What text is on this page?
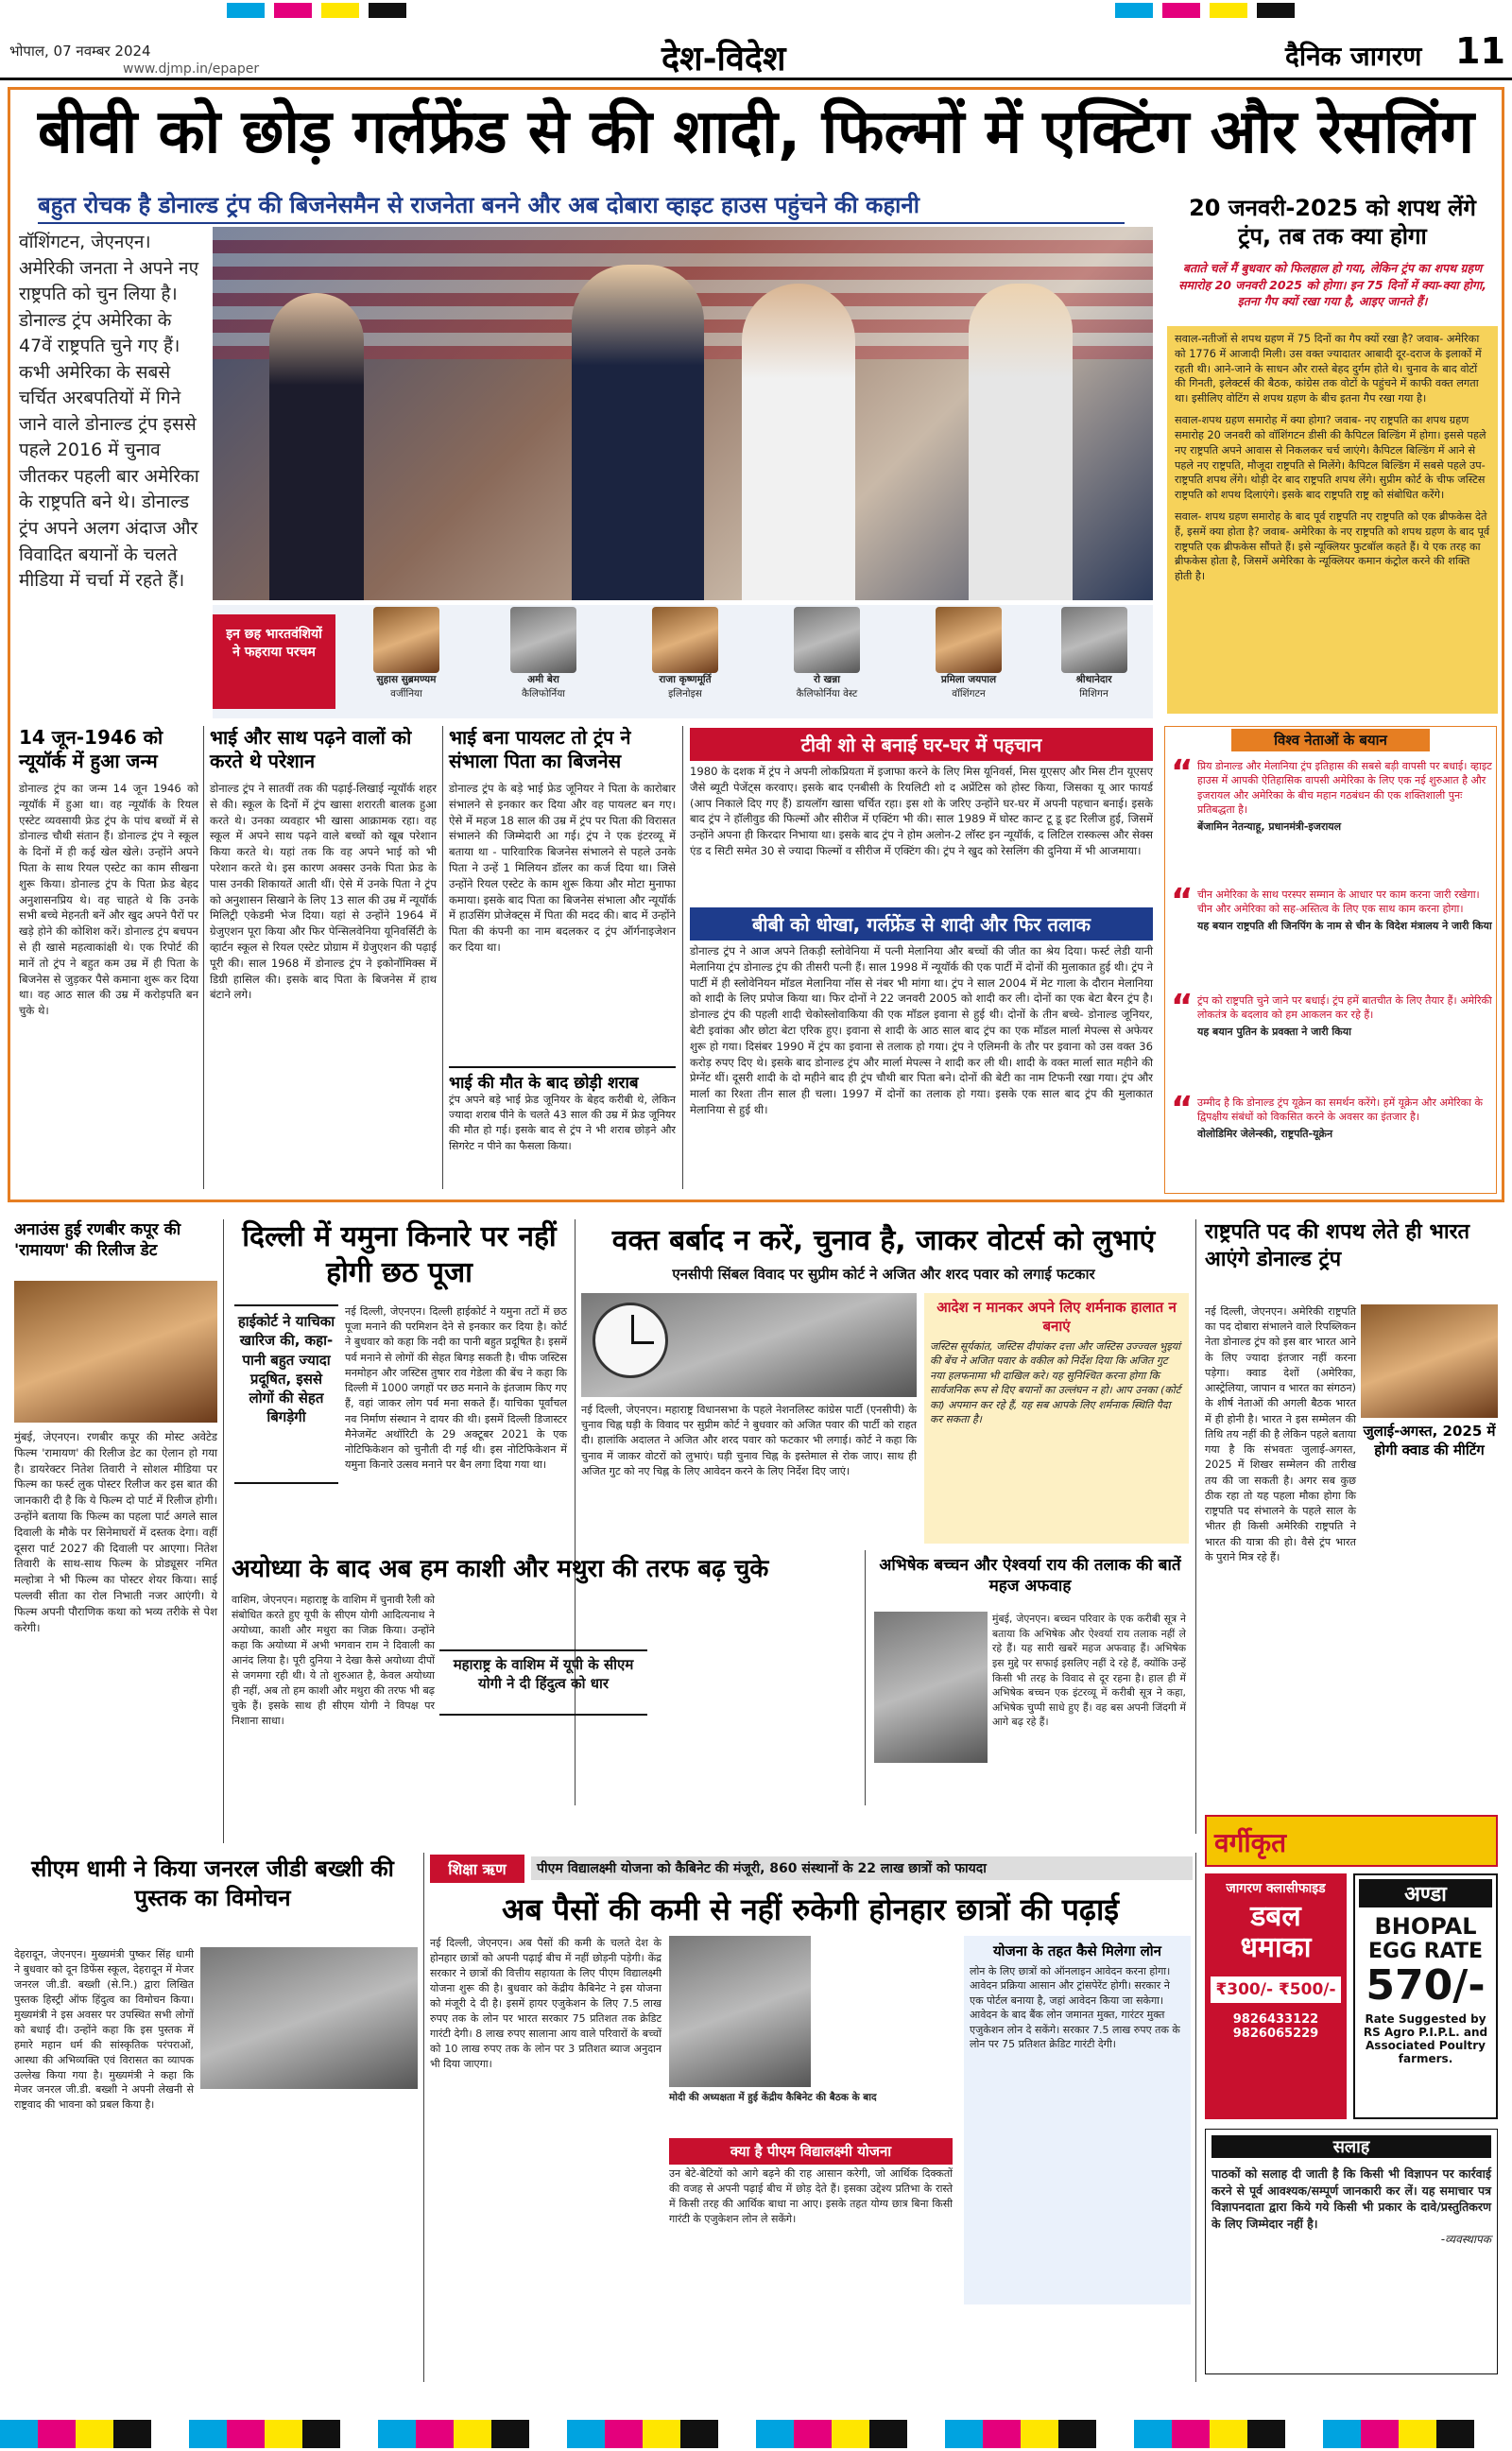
भोपाल, 07 नवम्बर 2024
www.djmp.in/epaper	देश-विदेश	दैनिक जागरण 11
बीवी को छोड़ गर्लफ्रेंड से की शादी, फिल्मों में एक्टिंग और रेसलिंग
बहुत रोचक है डोनाल्ड ट्रंप की बिजनेसमैन से राजनेता बनने और अब दोबारा व्हाइट हाउस पहुंचने की कहानी
वॉशिंगटन, जेएनएन। अमेरिकी जनता ने अपने नए राष्ट्रपति को चुन लिया है। डोनाल्ड ट्रंप अमेरिका के 47वें राष्ट्रपति चुने गए हैं। कभी अमेरिका के सबसे चर्चित अरबपतियों में गिने जाने वाले डोनाल्ड ट्रंप इससे पहले 2016 में चुनाव जीतकर पहली बार अमेरिका के राष्ट्रपति बने थे। डोनाल्ड ट्रंप अपने अलग अंदाज और विवादित बयानों के चलते मीडिया में चर्चा में रहते हैं।
इन छह भारतवंशियों ने फहराया परचम
सुहास सुब्रमण्यम
वर्जीनिया
अमी बेरा
कैलिफोर्निया
राजा कृष्णमूर्ति
इलिनोइस
रो खन्ना
कैलिफोर्निया वेस्ट
प्रमिला जयपाल
वॉशिंगटन
श्रीथानेदार
मिशिगन
20 जनवरी-2025 को शपथ लेंगे ट्रंप, तब तक क्या होगा
बताते चलें मैं बुधवार को फिलहाल हो गया, लेकिन ट्रंप का शपथ ग्रहण समारोह 20 जनवरी 2025 को होगा। इन 75 दिनों में क्या-क्या होगा, इतना गैप क्यों रखा गया है, आइए जानते हैं।

सवाल-नतीजों से शपथ ग्रहण में 75 दिनों का गैप क्यों रखा है? जवाब- अमेरिका को 1776 में आजादी मिली। उस वक्त ज्यादातर आबादी दूर-दराज के इलाकों में रहती थी। आने-जाने के साधन और रास्ते बेहद दुर्गम होते थे। चुनाव के बाद वोटों की गिनती, इलेक्टर्स की बैठक, कांग्रेस तक वोटों के पहुंचने में काफी वक्त लगता था। इसीलिए वोटिंग से शपथ ग्रहण के बीच इतना गैप रखा गया है।

सवाल-शपथ ग्रहण समारोह में क्या होगा? जवाब- नए राष्ट्रपति का शपथ ग्रहण समारोह 20 जनवरी को वॉशिंगटन डीसी की कैपिटल बिल्डिंग में होगा। इससे पहले नए राष्ट्रपति अपने आवास से निकलकर चर्च जाएंगे। कैपिटल बिल्डिंग में आने से पहले नए राष्ट्रपति, मौजूदा राष्ट्रपति से मिलेंगे। कैपिटल बिल्डिंग में सबसे पहले उप-राष्ट्रपति शपथ लेंगे। थोड़ी देर बाद राष्ट्रपति शपथ लेंगे। सुप्रीम कोर्ट के चीफ जस्टिस राष्ट्रपति को शपथ दिलाएंगे। इसके बाद राष्ट्रपति राष्ट्र को संबोधित करेंगे।

सवाल- शपथ ग्रहण समारोह के बाद पूर्व राष्ट्रपति नए राष्ट्रपति को एक ब्रीफकेस देते हैं, इसमें क्या होता है? जवाब- अमेरिका के नए राष्ट्रपति को शपथ ग्रहण के बाद पूर्व राष्ट्रपति एक ब्रीफकेस सौंपते हैं। इसे न्यूक्लियर फुटबॉल कहते हैं। ये एक तरह का ब्रीफकेस होता है, जिसमें अमेरिका के न्यूक्लियर कमान कंट्रोल करने की शक्ति होती है।

14 जून-1946 को न्यूयॉर्क में हुआ जन्म
डोनाल्ड ट्रंप का जन्म 14 जून 1946 को न्यूयॉर्क में हुआ था। वह न्यूयॉर्क के रियल एस्टेट व्यवसायी फ्रेड ट्रंप के पांच बच्चों में से डोनाल्ड चौथी संतान हैं। डोनाल्ड ट्रंप ने स्कूल के दिनों में ही कई खेल खेले। उन्होंने अपने पिता के साथ रियल एस्टेट का काम सीखना शुरू किया। डोनाल्ड ट्रंप के पिता फ्रेड बेहद अनुशासनप्रिय थे। वह चाहते थे कि उनके सभी बच्चे मेहनती बनें और खुद अपने पैरों पर खड़े होने की कोशिश करें। डोनाल्ड ट्रंप बचपन से ही खासे महत्वाकांक्षी थे। एक रिपोर्ट की मानें तो ट्रंप ने बहुत कम उम्र में ही पिता के बिजनेस से जुड़कर पैसे कमाना शुरू कर दिया था। वह आठ साल की उम्र में करोड़पति बन चुके थे।
भाई और साथ पढ़ने वालों को करते थे परेशान
डोनाल्ड ट्रंप ने सातवीं तक की पढ़ाई-लिखाई न्यूयॉर्क शहर से की। स्कूल के दिनों में ट्रंप खासा शरारती बालक हुआ करते थे। उनका व्यवहार भी खासा आक्रामक रहा। वह स्कूल में अपने साथ पढ़ने वाले बच्चों को खूब परेशान किया करते थे। यहां तक कि वह अपने भाई को भी परेशान करते थे। इस कारण अक्सर उनके पिता फ्रेड के पास उनकी शिकायतें आती थीं। ऐसे में उनके पिता ने ट्रंप को अनुशासन सिखाने के लिए 13 साल की उम्र में न्यूयॉर्क मिलिट्री एकेडमी भेज दिया। यहां से उन्होंने 1964 में ग्रेजुएशन पूरा किया और फिर पेन्सिलवेनिया यूनिवर्सिटी के व्हार्टन स्कूल से रियल एस्टेट प्रोग्राम में ग्रेजुएशन की पढ़ाई पूरी की। साल 1968 में डोनाल्ड ट्रंप ने इकोनॉमिक्स में डिग्री हासिल की। इसके बाद पिता के बिजनेस में हाथ बंटाने लगे।
भाई बना पायलट तो ट्रंप ने संभाला पिता का बिजनेस
डोनाल्ड ट्रंप के बड़े भाई फ्रेड जूनियर ने पिता के कारोबार संभालने से इनकार कर दिया और वह पायलट बन गए। ऐसे में महज 18 साल की उम्र में ट्रंप पर पिता की विरासत संभालने की जिम्मेदारी आ गई। ट्रंप ने एक इंटरव्यू में बताया था - पारिवारिक बिजनेस संभालने से पहले उनके पिता ने उन्हें 1 मिलियन डॉलर का कर्ज दिया था। जिसे उन्होंने रियल एस्टेट के काम शुरू किया और मोटा मुनाफा कमाया। इसके बाद पिता का बिजनेस संभाला और न्यूयॉर्क में हाउसिंग प्रोजेक्ट्स में पिता की मदद की। बाद में उन्होंने पिता की कंपनी का नाम बदलकर द ट्रंप ऑर्गनाइजेशन कर दिया था।
भाई की मौत के बाद छोड़ी शराब
ट्रंप अपने बड़े भाई फ्रेड जूनियर के बेहद करीबी थे, लेकिन ज्यादा शराब पीने के चलते 43 साल की उम्र में फ्रेड जूनियर की मौत हो गई। इसके बाद से ट्रंप ने भी शराब छोड़ने और सिगरेट न पीने का फैसला किया।
टीवी शो से बनाई घर-घर में पहचान
1980 के दशक में ट्रंप ने अपनी लोकप्रियता में इजाफा करने के लिए मिस यूनिवर्स, मिस यूएसए और मिस टीन यूएसए जैसे ब्यूटी पेजेंट्स करवाए। इसके बाद एनबीसी के रियलिटी शो द अप्रेंटिस को होस्ट किया, जिसका यू आर फायर्ड (आप निकाले दिए गए हैं) डायलॉग खासा चर्चित रहा। इस शो के जरिए उन्होंने घर-घर में अपनी पहचान बनाई। इसके बाद ट्रंप ने हॉलीवुड की फिल्मों और सीरीज में एक्टिंग भी की। साल 1989 में घोस्ट कान्ट टू डू इट रिलीज हुई, जिसमें उन्होंने अपना ही किरदार निभाया था। इसके बाद ट्रंप ने होम अलोन-2 लॉस्ट इन न्यूयॉर्क, द लिटिल रास्कल्स और सेक्स एंड द सिटी समेत 30 से ज्यादा फिल्मों व सीरीज में एक्टिंग की। ट्रंप ने खुद को रेसलिंग की दुनिया में भी आजमाया।
बीबी को धोखा, गर्लफ्रेंड से शादी और फिर तलाक
डोनाल्ड ट्रंप ने आज अपने तिकड़ी स्लोवेनिया में पत्नी मेलानिया और बच्चों की जीत का श्रेय दिया। फर्स्ट लेडी यानी मेलानिया ट्रंप डोनाल्ड ट्रंप की तीसरी पत्नी हैं। साल 1998 में न्यूयॉर्क की एक पार्टी में दोनों की मुलाकात हुई थी। ट्रंप ने पार्टी में ही स्लोवेनियन मॉडल मेलानिया नॉस से नंबर भी मांगा था। ट्रंप ने साल 2004 में मेट गाला के दौरान मेलानिया को शादी के लिए प्रपोज किया था। फिर दोनों ने 22 जनवरी 2005 को शादी कर ली। दोनों का एक बेटा बैरन ट्रंप है। डोनाल्ड ट्रंप की पहली शादी चेकोस्लोवाकिया की एक मॉडल इवाना से हुई थी। दोनों के तीन बच्चे- डोनाल्ड जूनियर, बेटी इवांका और छोटा बेटा एरिक हुए। इवाना से शादी के आठ साल बाद ट्रंप का एक मॉडल मार्ला मेपल्स से अफेयर शुरू हो गया। दिसंबर 1990 में ट्रंप का इवाना से तलाक हो गया। ट्रंप ने एलिमनी के तौर पर इवाना को उस वक्त 36 करोड़ रुपए दिए थे। इसके बाद डोनाल्ड ट्रंप और मार्ला मेपल्स ने शादी कर ली थी। शादी के वक्त मार्ला सात महीने की प्रेग्नेंट थीं। दूसरी शादी के दो महीने बाद ही ट्रंप चौथी बार पिता बने। दोनों की बेटी का नाम टिफनी रखा गया। ट्रंप और मार्ला का रिश्ता तीन साल ही चला। 1997 में दोनों का तलाक हो गया। इसके एक साल बाद ट्रंप की मुलाकात मेलानिया से हुई थी।
विश्व नेताओं के बयान
“ प्रिय डोनाल्ड और मेलानिया ट्रंप इतिहास की सबसे बड़ी वापसी पर बधाई। व्हाइट हाउस में आपकी ऐतिहासिक वापसी अमेरिका के लिए एक नई शुरुआत है और इजरायल और अमेरिका के बीच महान गठबंधन की एक शक्तिशाली पुनः प्रतिबद्धता है।

बेंजामिन नेतन्याहू, प्रधानमंत्री-इजरायल

“ चीन अमेरिका के साथ परस्पर सम्मान के आधार पर काम करना जारी रखेगा। चीन और अमेरिका को सह-अस्तित्व के लिए एक साथ काम करना होगा।

यह बयान राष्ट्रपति शी जिनपिंग के नाम से चीन के विदेश मंत्रालय ने जारी किया

“ ट्रंप को राष्ट्रपति चुने जाने पर बधाई। ट्रंप हमें बातचीत के लिए तैयार हैं। अमेरिकी लोकतंत्र के बदलाव को हम आकलन कर रहे हैं।

यह बयान पुतिन के प्रवक्ता ने जारी किया

“ उम्मीद है कि डोनाल्ड ट्रंप यूक्रेन का समर्थन करेंगे। हमें यूक्रेन और अमेरिका के द्विपक्षीय संबंधों को विकसित करने के अवसर का इंतजार है।

वोलोडिमिर जेलेन्स्की, राष्ट्रपति-यूक्रेन

अनाउंस हुई रणबीर कपूर की 'रामायण' की रिलीज डेट
मुंबई, जेएनएन। रणबीर कपूर की मोस्ट अवेटेड फिल्म 'रामायण' की रिलीज डेट का ऐलान हो गया है। डायरेक्टर नितेश तिवारी ने सोशल मीडिया पर फिल्म का फर्स्ट लुक पोस्टर रिलीज कर इस बात की जानकारी दी है कि ये फिल्म दो पार्ट में रिलीज होगी। उन्होंने बताया कि फिल्म का पहला पार्ट अगले साल दिवाली के मौके पर सिनेमाघरों में दस्तक देगा। वहीं दूसरा पार्ट 2027 की दिवाली पर आएगा। नितेश तिवारी के साथ-साथ फिल्म के प्रोड्यूसर नमित मल्होत्रा ने भी फिल्म का पोस्टर शेयर किया। साई पल्लवी सीता का रोल निभाती नजर आएंगी। ये फिल्म अपनी पौराणिक कथा को भव्य तरीके से पेश करेगी।
दिल्ली में यमुना किनारे पर नहीं होगी छठ पूजा
हाईकोर्ट ने याचिका खारिज की, कहा- पानी बहुत ज्यादा प्रदूषित, इससे लोगों की सेहत बिगड़ेगी
नई दिल्ली, जेएनएन। दिल्ली हाईकोर्ट ने यमुना तटों में छठ पूजा मनाने की परमिशन देने से इनकार कर दिया है। कोर्ट ने बुधवार को कहा कि नदी का पानी बहुत प्रदूषित है। इसमें पर्व मनाने से लोगों की सेहत बिगड़ सकती है। चीफ जस्टिस मनमोहन और जस्टिस तुषार राव गेडेला की बेंच ने कहा कि दिल्ली में 1000 जगहों पर छठ मनाने के इंतजाम किए गए हैं, वहां जाकर लोग पर्व मना सकते हैं। याचिका पूर्वांचल नव निर्माण संस्थान ने दायर की थी। इसमें दिल्ली डिजास्टर मैनेजमेंट अथॉरिटी के 29 अक्टूबर 2021 के एक नोटिफिकेशन को चुनौती दी गई थी। इस नोटिफिकेशन में यमुना किनारे उत्सव मनाने पर बैन लगा दिया गया था।
वक्त बर्बाद न करें, चुनाव है, जाकर वोटर्स को लुभाएं
एनसीपी सिंबल विवाद पर सुप्रीम कोर्ट ने अजित और शरद पवार को लगाई फटकार
नई दिल्ली, जेएनएन। महाराष्ट्र विधानसभा के पहले नेशनलिस्ट कांग्रेस पार्टी (एनसीपी) के चुनाव चिह्न घड़ी के विवाद पर सुप्रीम कोर्ट ने बुधवार को अजित पवार की पार्टी को राहत दी। हालांकि अदालत ने अजित और शरद पवार को फटकार भी लगाई। कोर्ट ने कहा कि चुनाव में जाकर वोटरों को लुभाएं। घड़ी चुनाव चिह्न के इस्तेमाल से रोक जाए। साथ ही अजित गुट को नए चिह्न के लिए आवेदन करने के लिए निर्देश दिए जाएं।
आदेश न मानकर अपने लिए शर्मनाक हालात न बनाएं
जस्टिस सूर्यकांत, जस्टिस दीपांकर दत्ता और जस्टिस उज्ज्वल भुइयां की बेंच ने अजित पवार के वकील को निर्देश दिया कि अजित गुट नया हलफनामा भी दाखिल करे। यह सुनिश्चित करना होगा कि सार्वजनिक रूप से दिए बयानों का उल्लंघन न हो। आप उनका (कोर्ट का) अपमान कर रहे हैं, यह सब आपके लिए शर्मनाक स्थिति पैदा कर सकता है।
राष्ट्रपति पद की शपथ लेते ही भारत आएंगे डोनाल्ड ट्रंप
जुलाई-अगस्त, 2025 में होगी क्वाड की मीटिंग
नई दिल्ली, जेएनएन। अमेरिकी राष्ट्रपति का पद दोबारा संभालने वाले रिपब्लिकन नेता डोनाल्ड ट्रंप को इस बार भारत आने के लिए ज्यादा इंतजार नहीं करना पड़ेगा। क्वाड देशों (अमेरिका, आस्ट्रेलिया, जापान व भारत का संगठन) के शीर्ष नेताओं की अगली बैठक भारत में ही होनी है। भारत ने इस सम्मेलन की तिथि तय नहीं की है लेकिन पहले बताया गया है कि संभवतः जुलाई-अगस्त, 2025 में शिखर सम्मेलन की तारीख तय की जा सकती है। अगर सब कुछ ठीक रहा तो यह पहला मौका होगा कि राष्ट्रपति पद संभालने के पहले साल के भीतर ही किसी अमेरिकी राष्ट्रपति ने भारत की यात्रा की हो। वैसे ट्रंप भारत के पुराने मित्र रहे हैं।
अयोध्या के बाद अब हम काशी और मथुरा की तरफ बढ़ चुके
वाशिम, जेएनएन। महाराष्ट्र के वाशिम में चुनावी रैली को संबोधित करते हुए यूपी के सीएम योगी आदित्यनाथ ने अयोध्या, काशी और मथुरा का जिक्र किया। उन्होंने कहा कि अयोध्या में अभी भगवान राम ने दिवाली का आनंद लिया है। पूरी दुनिया ने देखा कैसे अयोध्या दीपों से जगमगा रही थी। ये तो शुरुआत है, केवल अयोध्या ही नहीं, अब तो हम काशी और मथुरा की तरफ भी बढ़ चुके हैं। इसके साथ ही सीएम योगी ने विपक्ष पर निशाना साधा।
महाराष्ट्र के वाशिम में यूपी के सीएम योगी ने दी हिंदुत्व को धार
अभिषेक बच्चन और ऐश्वर्या राय की तलाक की बातें महज अफवाह
मुंबई, जेएनएन। बच्चन परिवार के एक करीबी सूत्र ने बताया कि अभिषेक और ऐश्वर्या राय तलाक नहीं ले रहे हैं। यह सारी खबरें महज अफवाह हैं। अभिषेक इस मुद्दे पर सफाई इसलिए नहीं दे रहे हैं, क्योंकि उन्हें किसी भी तरह के विवाद से दूर रहना है। हाल ही में अभिषेक बच्चन एक इंटरव्यू में करीबी सूत्र ने कहा, अभिषेक चुप्पी साधे हुए हैं। वह बस अपनी जिंदगी में आगे बढ़ रहे हैं।
सीएम धामी ने किया जनरल जीडी बख्शी की पुस्तक का विमोचन
देहरादून, जेएनएन। मुख्यमंत्री पुष्कर सिंह धामी ने बुधवार को दून डिफेंस स्कूल, देहरादून में मेजर जनरल जी.डी. बख्शी (से.नि.) द्वारा लिखित पुस्तक हिस्ट्री ऑफ हिंदुत्व का विमोचन किया। मुख्यमंत्री ने इस अवसर पर उपस्थित सभी लोगों को बधाई दी। उन्होंने कहा कि इस पुस्तक में हमारे महान धर्म की सांस्कृतिक परंपराओं, आस्था की अभिव्यक्ति एवं विरासत का व्यापक उल्लेख किया गया है। मुख्यमंत्री ने कहा कि मेजर जनरल जी.डी. बख्शी ने अपनी लेखनी से राष्ट्रवाद की भावना को प्रबल किया है।
शिक्षा ऋण	पीएम विद्यालक्ष्मी योजना को कैबिनेट की मंजूरी, 860 संस्थानों के 22 लाख छात्रों को फायदा
अब पैसों की कमी से नहीं रुकेगी होनहार छात्रों की पढ़ाई
नई दिल्ली, जेएनएन। अब पैसों की कमी के चलते देश के होनहार छात्रों को अपनी पढ़ाई बीच में नहीं छोड़नी पड़ेगी। केंद्र सरकार ने छात्रों की वित्तीय सहायता के लिए पीएम विद्यालक्ष्मी योजना शुरू की है। बुधवार को केंद्रीय कैबिनेट ने इस योजना को मंजूरी दे दी है। इसमें हायर एजुकेशन के लिए 7.5 लाख रुपए तक के लोन पर भारत सरकार 75 प्रतिशत तक क्रेडिट गारंटी देगी। 8 लाख रुपए सालाना आय वाले परिवारों के बच्चों को 10 लाख रुपए तक के लोन पर 3 प्रतिशत ब्याज अनुदान भी दिया जाएगा।
मोदी की अध्यक्षता में हुई केंद्रीय कैबिनेट की बैठक के बाद
क्या है पीएम विद्यालक्ष्मी योजना
उन बेटे-बेटियों को आगे बढ़ने की राह आसान करेगी, जो आर्थिक दिक्कतों की वजह से अपनी पढ़ाई बीच में छोड़ देते हैं। इसका उद्देश्य प्रतिभा के रास्ते में किसी तरह की आर्थिक बाधा ना आए। इसके तहत योग्य छात्र बिना किसी गारंटी के एजुकेशन लोन ले सकेंगे।
योजना के तहत कैसे मिलेगा लोन
लोन के लिए छात्रों को ऑनलाइन आवेदन करना होगा। आवेदन प्रक्रिया आसान और ट्रांसपेरेंट होगी। सरकार ने एक पोर्टल बनाया है, जहां आवेदन किया जा सकेगा। आवेदन के बाद बैंक लोन जमानत मुक्त, गारंटर मुक्त एजुकेशन लोन दे सकेंगे। सरकार 7.5 लाख रुपए तक के लोन पर 75 प्रतिशत क्रेडिट गारंटी देगी।
वर्गीकृत
जागरण क्लासीफाइड
डबल धमाका
₹300/- ₹500/-
9826433122
9826065229
अण्डा
BHOPAL
EGG RATE
570/-
Rate Suggested by RS Agro P.I.P.L. and Associated Poultry farmers.
सलाह
पाठकों को सलाह दी जाती है कि किसी भी विज्ञापन पर कार्रवाई करने से पूर्व आवश्यक/सम्पूर्ण जानकारी कर लें। यह समाचार पत्र विज्ञापनदाता द्वारा किये गये किसी भी प्रकार के दावे/प्रस्तुतिकरण के लिए जिम्मेदार नहीं है।
-व्यवस्थापक
